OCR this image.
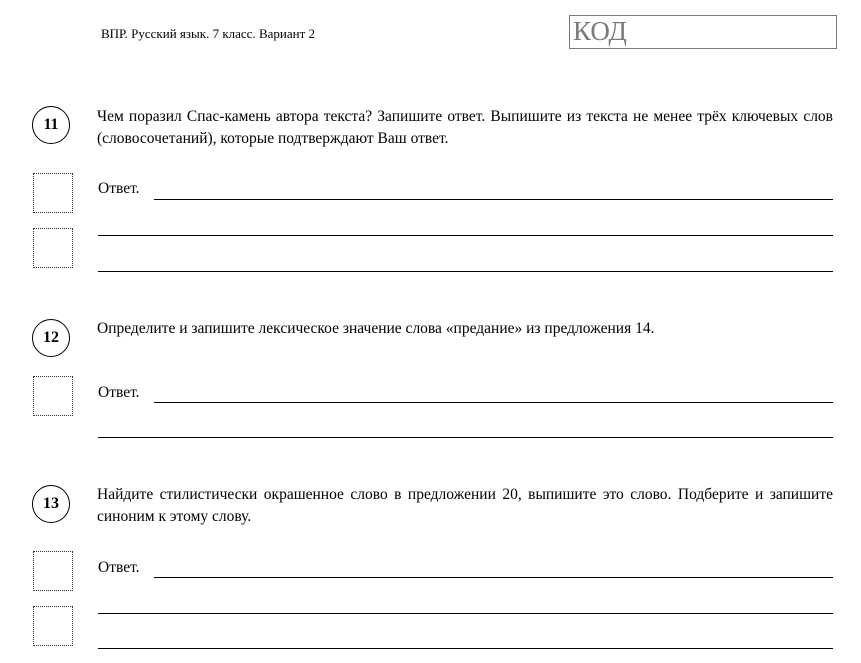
ВПР. Русский язык. 7 класс. Вариант 2	КОД
11	Чем поразил Спас-камень автора текста? Запишите ответ. Выпишите из текста не менее трёх ключевых слов (словосочетаний), которые подтверждают Ваш ответ.
Ответ.
12
Определите и запишите лексическое значение слова «предание» из предложения 14.
Ответ.
13
Найдите стилистически окрашенное слово в предложении 20, выпишите это слово. Подберите и запишите синоним к этому слову.
Ответ.
